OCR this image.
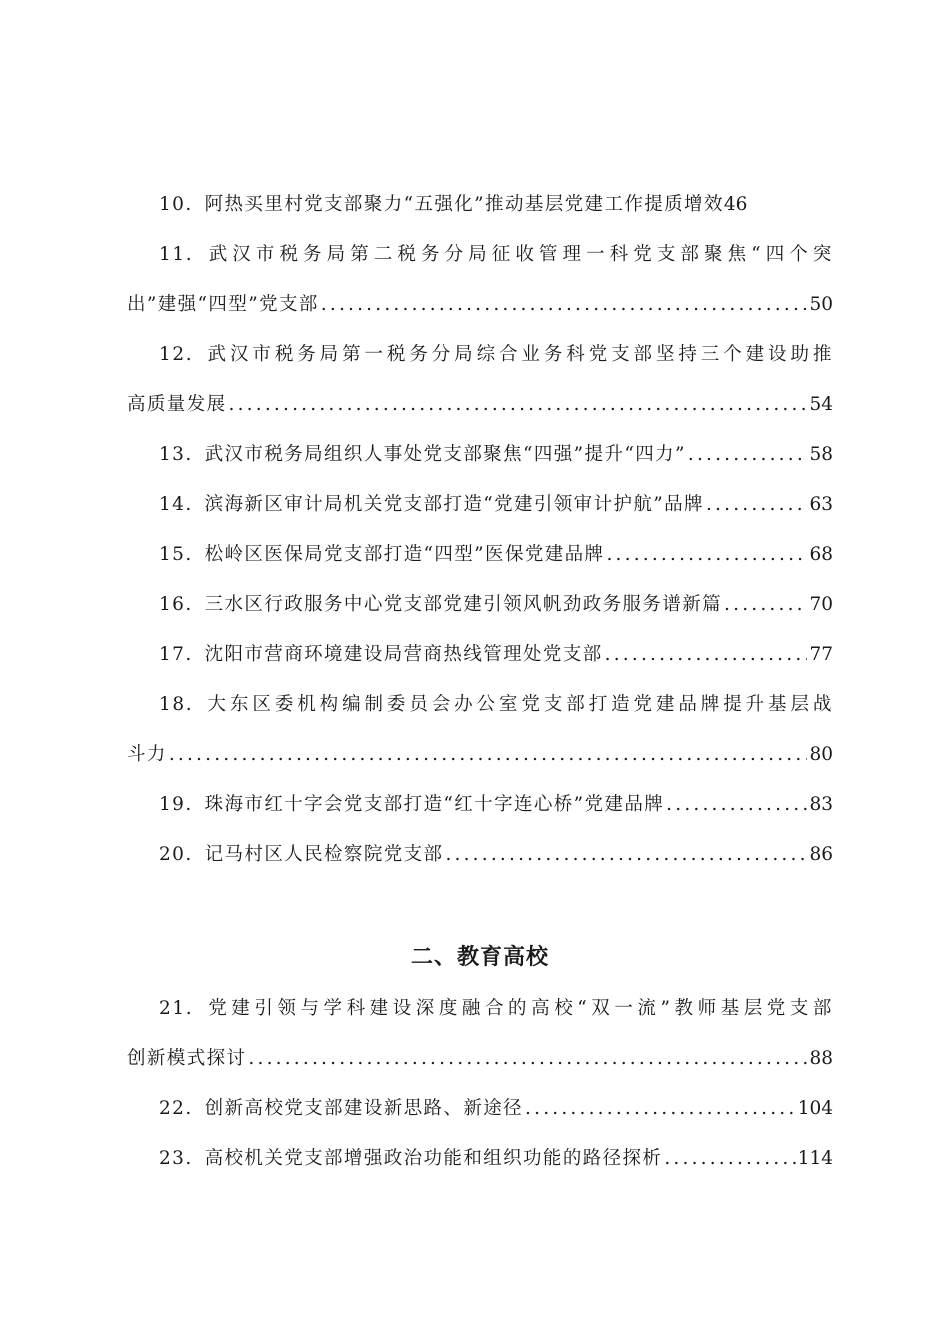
10. 阿热买里村党支部聚力“五强化”推动基层党建工作提质增效 46
11. 武汉市税务局第二税务分局征收管理一科党支部聚焦“四个突
出”建强“四型”党支部 .....	50
12. 武汉市税务局第一税务分局综合业务科党支部坚持三个建设助推
高质量发展 .....	54
13. 武汉市税务局组织人事处党支部聚焦“四强”提升“四力” .....	58
14. 滨海新区审计局机关党支部打造“党建引领审计护航”品牌 .....	63
15. 松岭区医保局党支部打造“四型”医保党建品牌 .....	68
16. 三水区行政服务中心党支部党建引领风帆劲政务服务谱新篇 .....	70
17. 沈阳市营商环境建设局营商热线管理处党支部 .....	77
18. 大东区委机构编制委员会办公室党支部打造党建品牌提升基层战
斗力 .....	80
19. 珠海市红十字会党支部打造“红十字连心桥”党建品牌 .....	83
20. 记马村区人民检察院党支部 .....	86
二、教育高校
21. 党建引领与学科建设深度融合的高校“双一流”教师基层党支部
创新模式探讨 .....	88
22. 创新高校党支部建设新思路、新途径 .....	104
23. 高校机关党支部增强政治功能和组织功能的路径探析 .....	114
